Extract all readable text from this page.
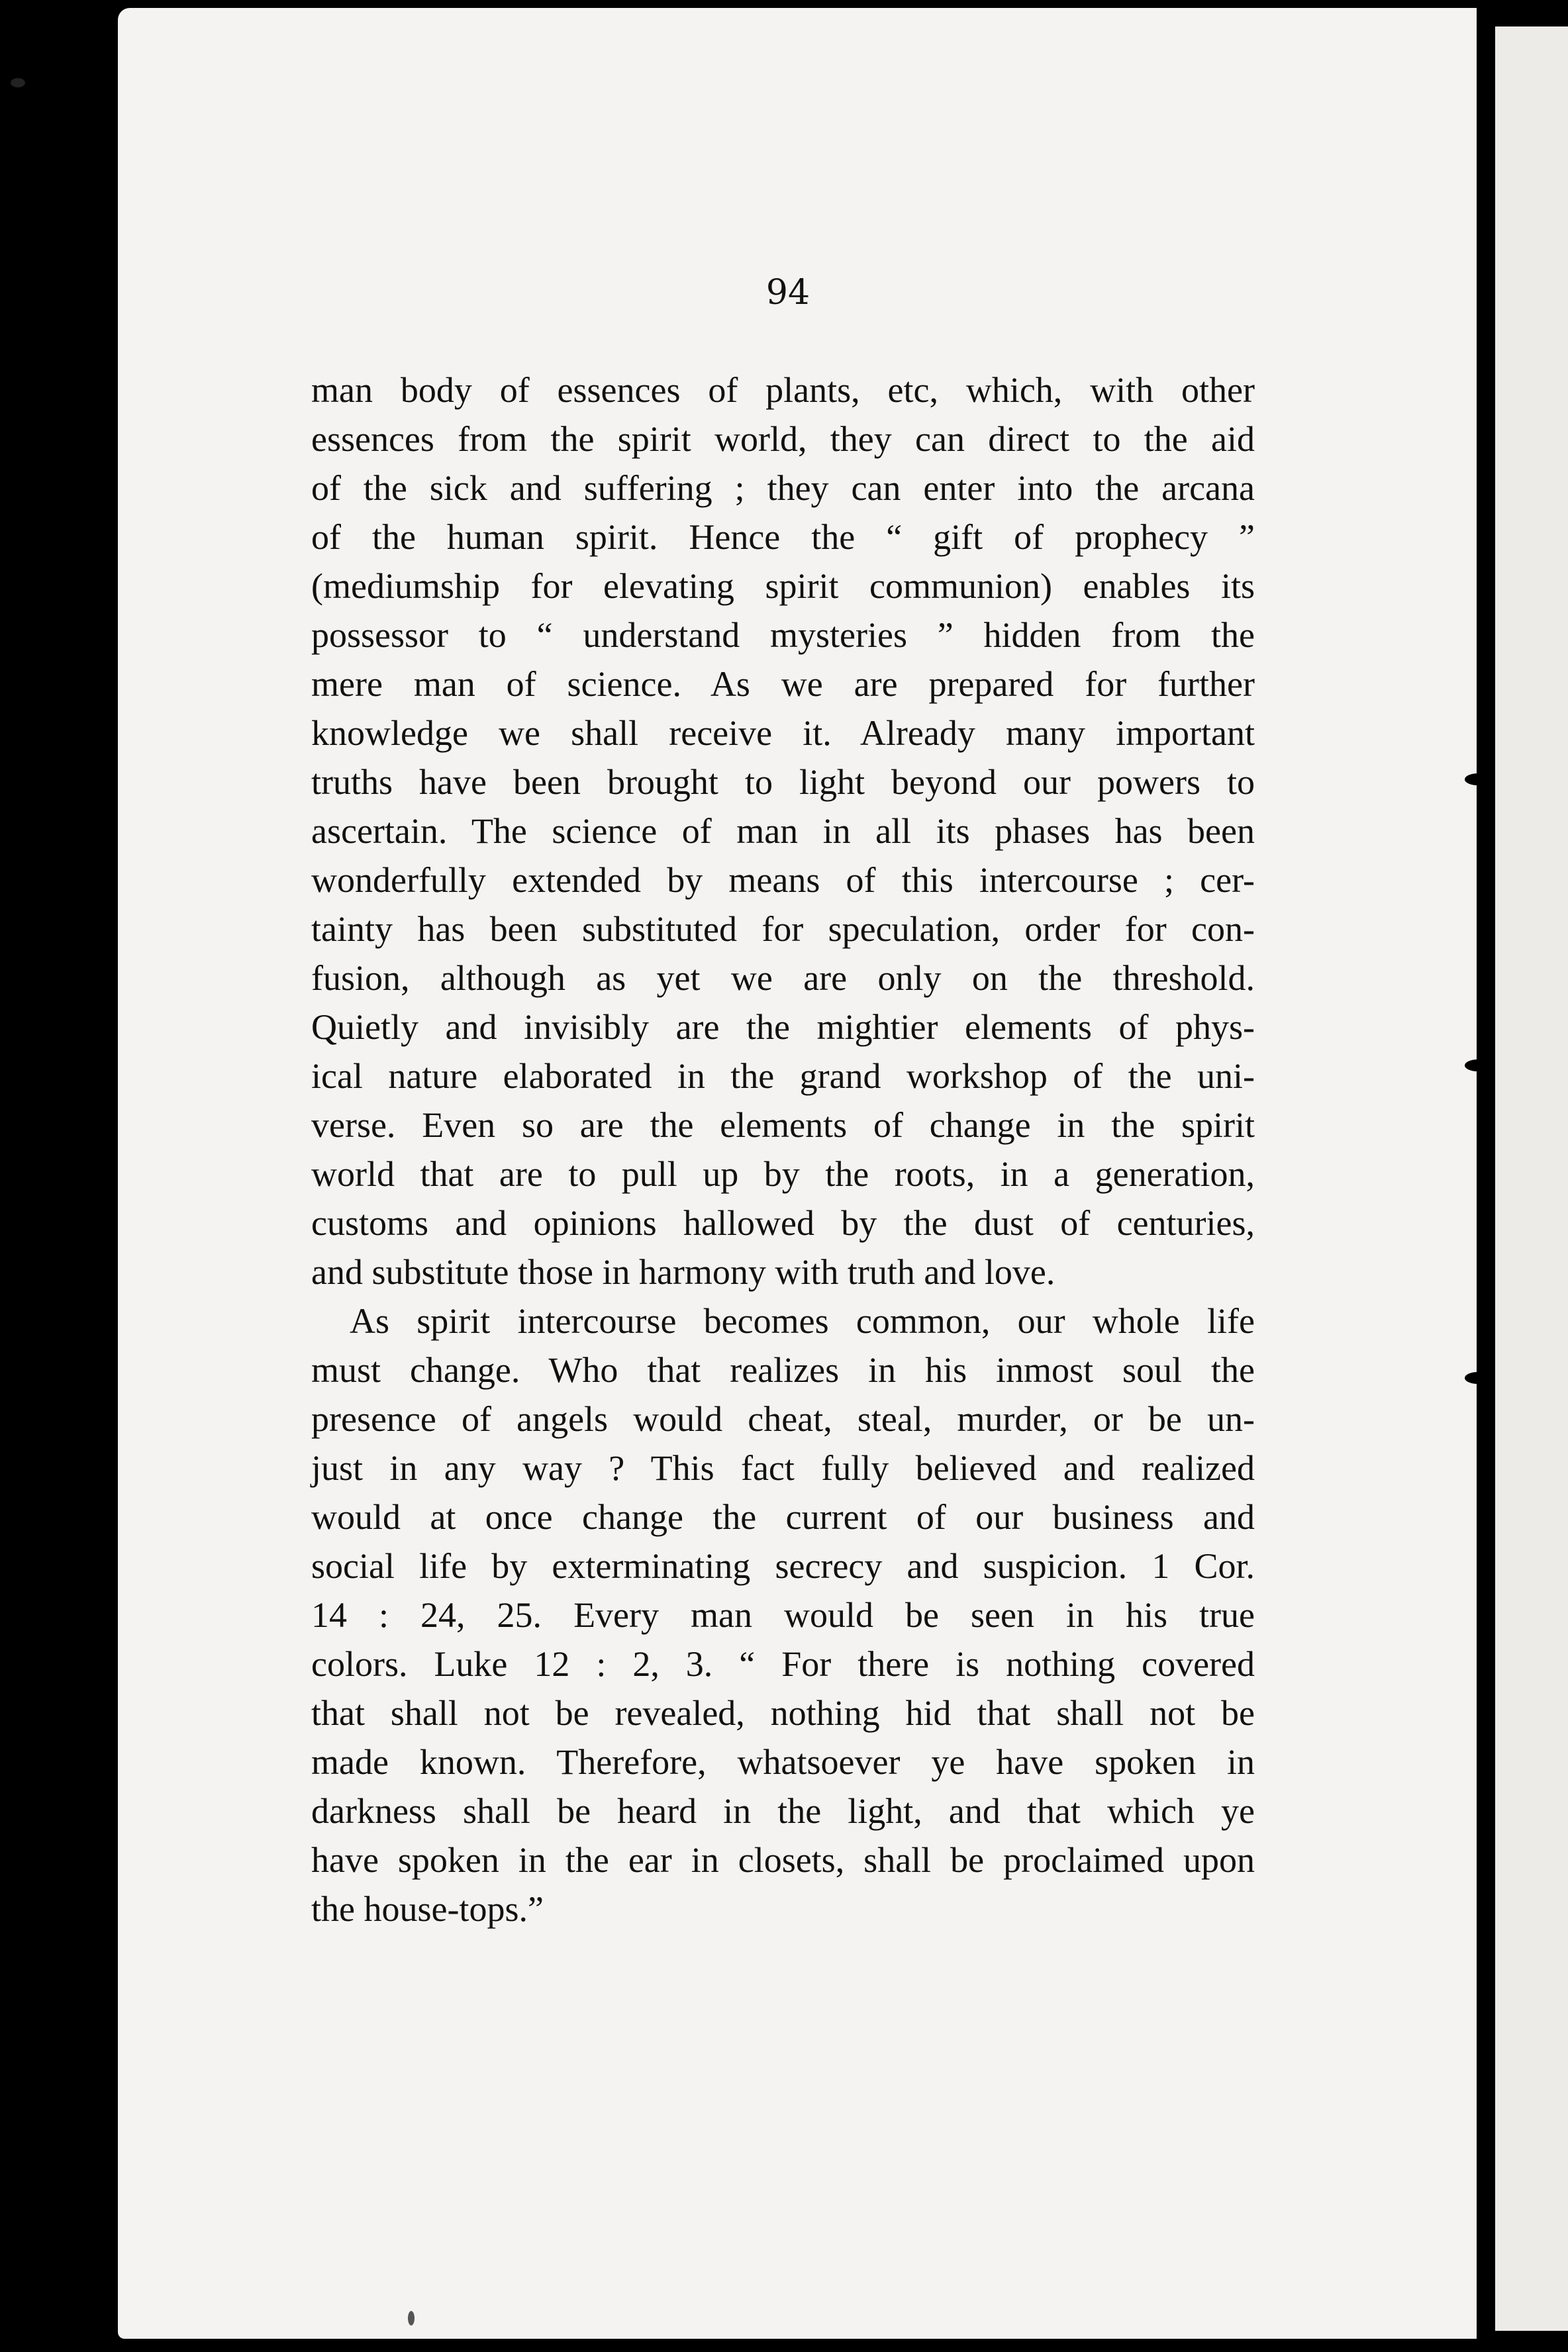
94
man body of essences of plants, etc, which, with other
essences from the spirit world, they can direct to the aid
of the sick and suffering ; they can enter into the arcana
of the human spirit. Hence the “ gift of prophecy ”
(mediumship for elevating spirit communion) enables its
possessor to “ understand mysteries ” hidden from the
mere man of science. As we are prepared for further
knowledge we shall receive it. Already many important
truths have been brought to light beyond our powers to
ascertain. The science of man in all its phases has been
wonderfully extended by means of this intercourse ; cer-
tainty has been substituted for speculation, order for con-
fusion, although as yet we are only on the threshold.
Quietly and invisibly are the mightier elements of phys-
ical nature elaborated in the grand workshop of the uni-
verse. Even so are the elements of change in the spirit
world that are to pull up by the roots, in a generation,
customs and opinions hallowed by the dust of centuries,
and substitute those in harmony with truth and love.
As spirit intercourse becomes common, our whole life
must change. Who that realizes in his inmost soul the
presence of angels would cheat, steal, murder, or be un-
just in any way ? This fact fully believed and realized
would at once change the current of our business and
social life by exterminating secrecy and suspicion. 1 Cor.
14 : 24, 25. Every man would be seen in his true
colors. Luke 12 : 2, 3. “ For there is nothing covered
that shall not be revealed, nothing hid that shall not be
made known. Therefore, whatsoever ye have spoken in
darkness shall be heard in the light, and that which ye
have spoken in the ear in closets, shall be proclaimed upon
the house-tops.”
